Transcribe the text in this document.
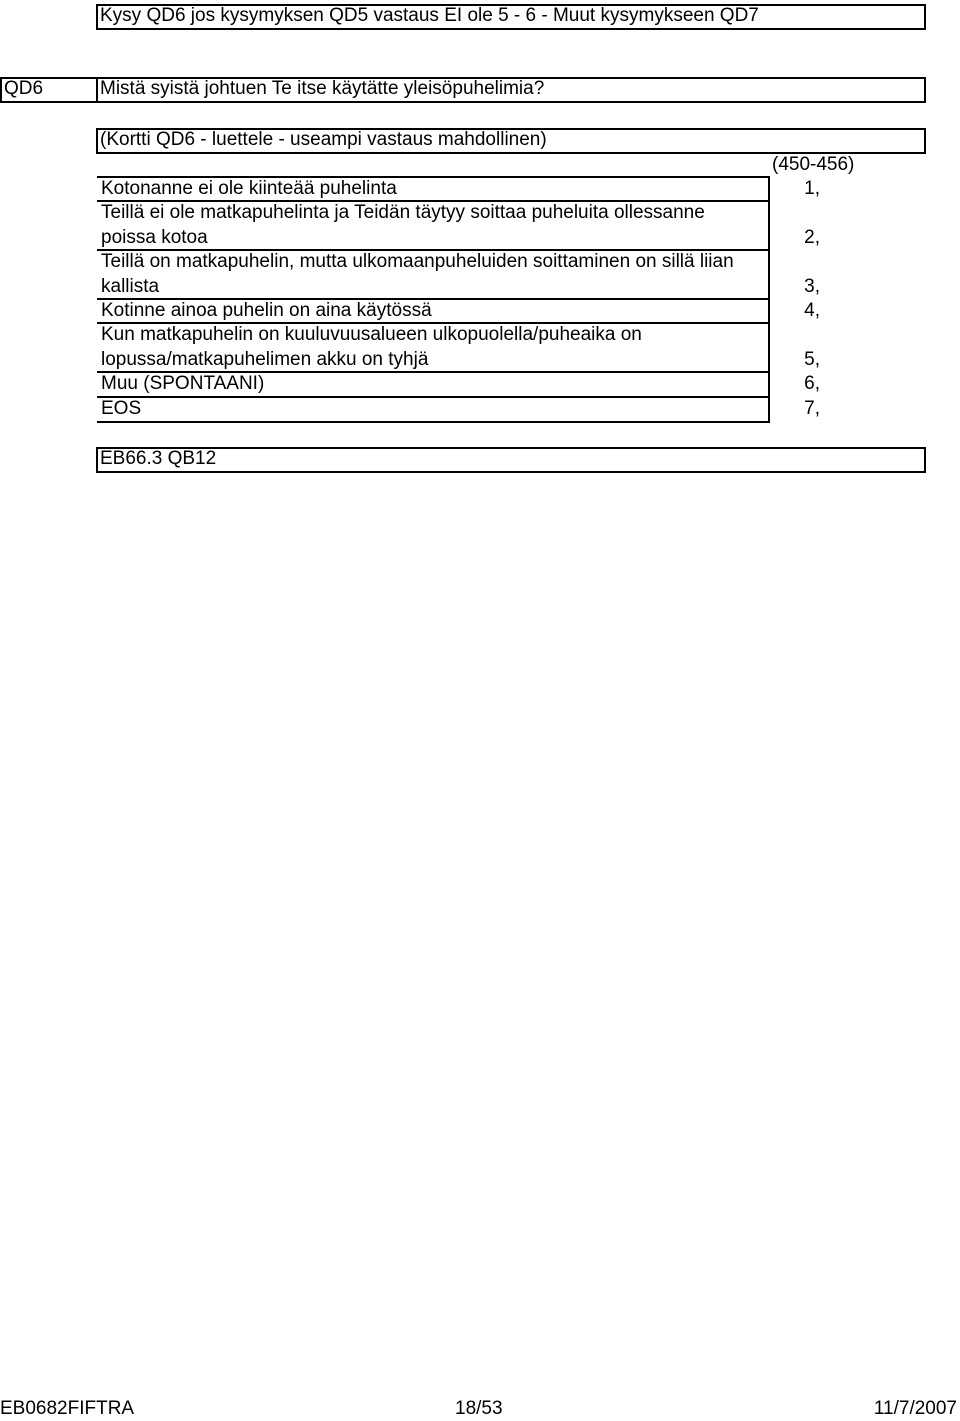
Kysy QD6 jos kysymyksen QD5 vastaus EI ole 5 - 6 - Muut kysymykseen QD7
QD6	Mistä syistä johtuen Te itse käytätte yleisöpuhelimia?
(Kortti QD6 - luettele - useampi vastaus mahdollinen)
(450-456)
Kotonanne ei ole kiinteää puhelinta	1,
Teillä ei ole matkapuhelinta ja Teidän täytyy soittaa puheluita ollessanne
poissa kotoa	2,
Teillä on matkapuhelin, mutta ulkomaanpuheluiden soittaminen on sillä liian
kallista	3,
Kotinne ainoa puhelin on aina käytössä	4,
Kun matkapuhelin on kuuluvuusalueen ulkopuolella/puheaika on
lopussa/matkapuhelimen akku on tyhjä	5,
Muu (SPONTAANI)	6,
EOS	7,
EB66.3 QB12
EB0682FIFTRA	18/53	11/7/2007
